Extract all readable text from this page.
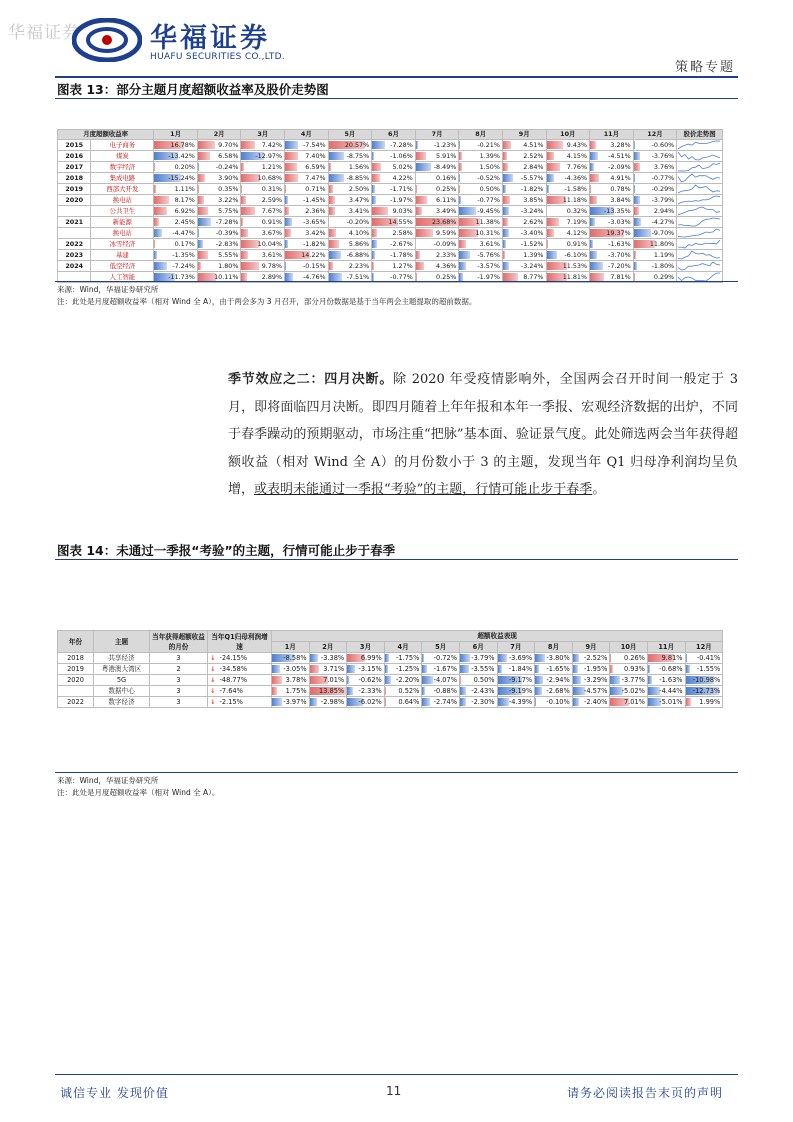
华福证券	华福证券
HUAFU SECURITIES CO.,LTD.
策略专题
图表 13：部分主题月度超额收益率及股价走势图
月度超额收益率		1月	2月	3月	4月	5月	6月	7月	8月	9月	10月	11月	12月	股价走势图
2015	电子商务	16.78%	9.70%	7.42%	-7.54%	20.57%	-7.28%	-1.23%	-0.21%	4.51%	9.43%	3.28%	-0.60%	

2016	煤炭	-13.42%	6.58%	-12.97%	7.40%	-8.75%	-1.06%	5.91%	1.39%	2.52%	4.15%	-4.51%	-3.76%	

2017	数字经济	0.20%	-0.24%	1.21%	6.59%	1.56%	5.02%	-8.49%	1.50%	2.84%	7.76%	-2.09%	3.76%	

2018	集成电路	-15.24%	3.90%	10.68%	7.47%	-8.85%	4.22%	0.16%	-0.52%	-5.57%	-4.36%	4.91%	-0.77%	

2019	西部大开发	1.11%	0.35%	0.31%	0.71%	2.50%	-1.71%	0.25%	0.50%	-1.82%	-1.58%	0.78%	-0.29%	

2020	换电站	8.17%	3.22%	2.59%	-1.45%	3.47%	-1.97%	6.11%	-0.77%	3.85%	11.18%	3.84%	-3.79%	

	公共卫生	6.92%	5.75%	7.67%	2.36%	3.41%	9.03%	3.49%	-9.45%	-3.24%	0.32%	-13.35%	2.94%	

2021	新能源	2.45%	-7.28%	0.91%	-3.65%	-0.20%	14.55%	23.68%	11.38%	2.62%	7.19%	-3.03%	-4.27%	

	换电站	-4.47%	-0.39%	3.67%	3.42%	4.10%	2.58%	9.59%	10.31%	-3.40%	4.12%	19.37%	-9.70%	

2022	冰雪经济	0.17%	-2.83%	10.04%	-1.82%	5.86%	-2.67%	-0.09%	3.61%	-1.52%	0.91%	-1.63%	11.80%	

2023	基建	-1.35%	5.55%	3.61%	14.22%	-6.88%	-1.78%	2.33%	-5.76%	1.39%	-6.10%	-3.70%	1.19%	

2024	低空经济	-7.24%	1.80%	9.78%	-0.15%	2.23%	1.27%	4.36%	-3.57%	-3.24%	11.53%	-7.20%	-1.80%	

	人工智能	-11.73%	10.11%	2.89%	-4.76%	-7.51%	-0.77%	0.25%	-1.97%	8.77%	11.81%	7.81%	0.29%	
来源：Wind，华福证券研究所
注：此处是月度超额收益率（相对 Wind 全 A），由于两会多为 3 月召开，部分月份数据是基于当年两会主题提取的超前数据。
季节效应之二：四月决断。除 2020 年受疫情影响外，全国两会召开时间一般定于 3 月，即将面临四月决断。即四月随着上年年报和本年一季报、宏观经济数据的出炉，不同于春季躁动的预期驱动，市场注重“把脉”基本面、验证景气度。此处筛选两会当年获得超额收益（相对 Wind 全 A）的月份数小于 3 的主题，发现当年 Q1 归母净利润均呈负增，或表明未能通过一季报“考验”的主题，行情可能止步于春季。
图表 14：未通过一季报“考验”的主题，行情可能止步于春季
年份	主题	当年获得超额收益的月份	当年Q1归母利润增速	超额收益表现											
				1月	2月	3月	4月	5月	6月	7月	8月	9月	10月	11月	12月
2018	共享经济	3	↓ -24.15%	-8.58%	-3.38%	6.99%	-1.75%	-0.72%	-3.79%	-3.69%	-3.80%	-2.52%	0.26%	9.81%	-0.41%
2019	粤港澳大湾区	2	↓ -34.58%	-3.05%	3.71%	-3.15%	-1.25%	-1.67%	-3.55%	-1.84%	-1.65%	-1.95%	0.93%	-0.68%	-1.55%
2020	5G	3	↓ -48.77%	3.78%	7.01%	-0.62%	-2.20%	-4.07%	0.50%	-9.17%	-2.94%	-3.29%	-3.77%	-1.63%	-10.98%
	数据中心	3	↓ -7.64%	1.75%	13.85%	-2.33%	0.52%	-0.88%	-2.43%	-9.19%	-2.68%	-4.57%	-5.02%	-4.44%	-12.73%
2022	数字经济	3	↓ -2.15%	-3.97%	-2.98%	-6.02%	0.64%	-2.74%	-2.30%	-4.39%	-0.10%	-2.40%	7.01%	-5.01%	1.99%
来源：Wind，华福证券研究所
注：此处是月度超额收益率（相对 Wind 全 A）。
诚信专业 发现价值	11	请务必阅读报告末页的声明
